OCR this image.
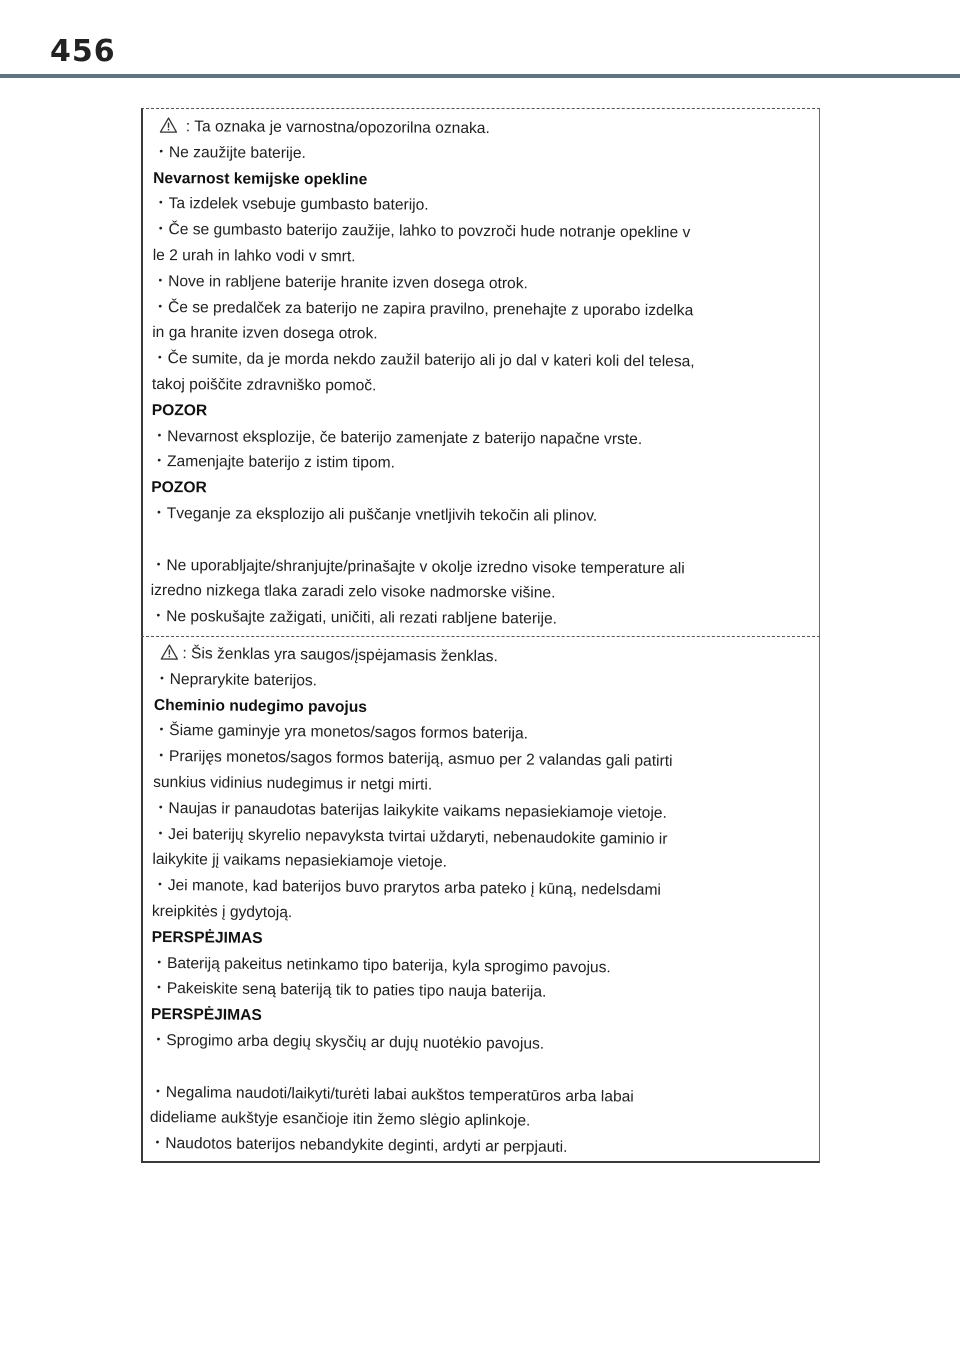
456
: Ta oznaka je varnostna/opozorilna oznaka.
・Ne zaužijte baterije.
Nevarnost kemijske opekline
・Ta izdelek vsebuje gumbasto baterijo.
・Če se gumbasto baterijo zaužije, lahko to povzroči hude notranje opekline v
le 2 urah in lahko vodi v smrt.
・Nove in rabljene baterije hranite izven dosega otrok.
・Če se predalček za baterijo ne zapira pravilno, prenehajte z uporabo izdelka
in ga hranite izven dosega otrok.
・Če sumite, da je morda nekdo zaužil baterijo ali jo dal v kateri koli del telesa,
takoj poiščite zdravniško pomoč.
POZOR
・Nevarnost eksplozije, če baterijo zamenjate z baterijo napačne vrste.
・Zamenjajte baterijo z istim tipom.
POZOR
・Tveganje za eksplozijo ali puščanje vnetljivih tekočin ali plinov.
・Ne uporabljajte/shranjujte/prinašajte v okolje izredno visoke temperature ali
izredno nizkega tlaka zaradi zelo visoke nadmorske višine.
・Ne poskušajte zažigati, uničiti, ali rezati rabljene baterije.
: Šis ženklas yra saugos/įspėjamasis ženklas.
・Neprarykite baterijos.
Cheminio nudegimo pavojus
・Šiame gaminyje yra monetos/sagos formos baterija.
・Prarijęs monetos/sagos formos bateriją, asmuo per 2 valandas gali patirti
sunkius vidinius nudegimus ir netgi mirti.
・Naujas ir panaudotas baterijas laikykite vaikams nepasiekiamoje vietoje.
・Jei baterijų skyrelio nepavyksta tvirtai uždaryti, nebenaudokite gaminio ir
laikykite jį vaikams nepasiekiamoje vietoje.
・Jei manote, kad baterijos buvo prarytos arba pateko į kūną, nedelsdami
kreipkitės į gydytoją.
PERSPĖJIMAS
・Bateriją pakeitus netinkamo tipo baterija, kyla sprogimo pavojus.
・Pakeiskite seną bateriją tik to paties tipo nauja baterija.
PERSPĖJIMAS
・Sprogimo arba degių skysčių ar dujų nuotėkio pavojus.
・Negalima naudoti/laikyti/turėti labai aukštos temperatūros arba labai
dideliame aukštyje esančioje itin žemo slėgio aplinkoje.
・Naudotos baterijos nebandykite deginti, ardyti ar perpjauti.
